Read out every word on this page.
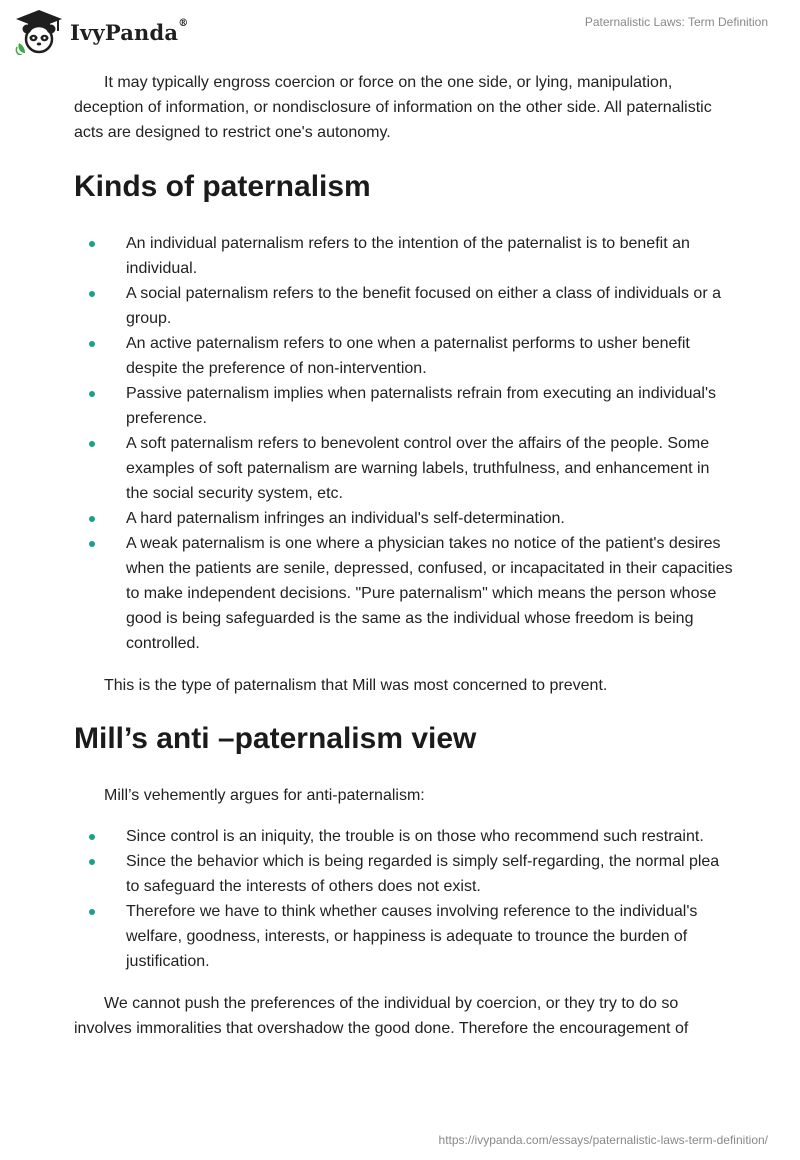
IvyPanda®	Paternalistic Laws: Term Definition

It may typically engross coercion or force on the one side, or lying, manipulation, deception of information, or nondisclosure of information on the other side. All paternalistic acts are designed to restrict one's autonomy.

Kinds of paternalism
An individual paternalism refers to the intention of the paternalist is to benefit an individual.
A social paternalism refers to the benefit focused on either a class of individuals or a group.
An active paternalism refers to one when a paternalist performs to usher benefit despite the preference of non-intervention.
Passive paternalism implies when paternalists refrain from executing an individual's preference.
A soft paternalism refers to benevolent control over the affairs of the people. Some examples of soft paternalism are warning labels, truthfulness, and enhancement in the social security system, etc.
A hard paternalism infringes an individual's self-determination.
A weak paternalism is one where a physician takes no notice of the patient's desires when the patients are senile, depressed, confused, or incapacitated in their capacities to make independent decisions. "Pure paternalism" which means the person whose good is being safeguarded is the same as the individual whose freedom is being controlled.

This is the type of paternalism that Mill was most concerned to prevent.

Mill’s anti –paternalism view

Mill’s vehemently argues for anti-paternalism:

Since control is an iniquity, the trouble is on those who recommend such restraint.
Since the behavior which is being regarded is simply self-regarding, the normal plea to safeguard the interests of others does not exist.
Therefore we have to think whether causes involving reference to the individual's welfare, goodness, interests, or happiness is adequate to trounce the burden of justification.

We cannot push the preferences of the individual by coercion, or they try to do so involves immoralities that overshadow the good done. Therefore the encouragement of

https://ivypanda.com/essays/paternalistic-laws-term-definition/
